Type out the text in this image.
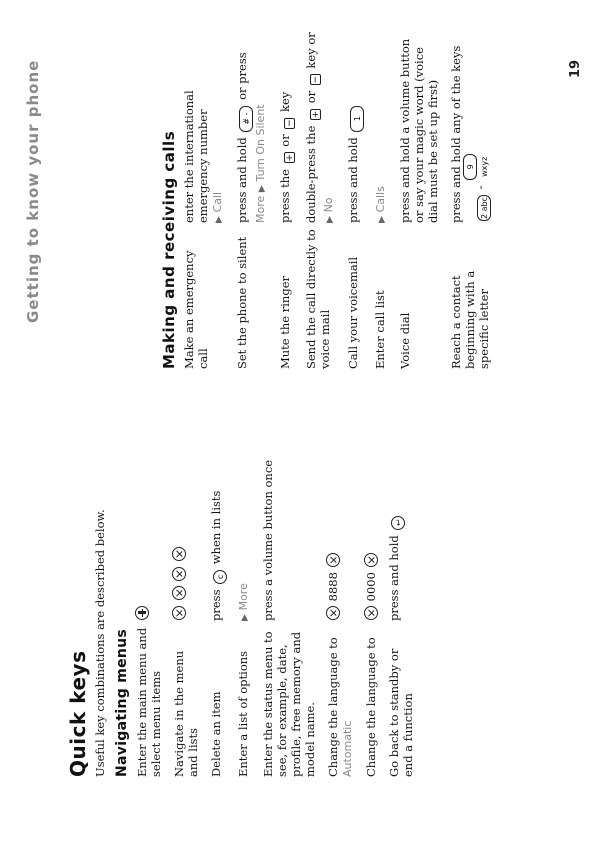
Getting to know your phone	19
Quick keys Useful key combinations are described below. Navigating menus Enter the main menu and select menu items Navigate in the menu and lists
Delete an item
press c when in lists
Enter a list of options
▶ More
Enter the status menu to see, for example, date, profile, free memory and model name.
press a volume button once
Change the language to Automatic
8888
Change the language to
0000
Go back to standby or end a function
press and hold ↩
Making and receiving calls Make an emergency call
enter the international emergency number ▶ Call
Set the phone to silent
press and hold # - or press More ▶ Turn On Silent
Mute the ringer
press the + or − key
Send the call directly to voice mail
double-press the + or − key or ▶ No
Call your voicemail
press and hold 1
Enter call list
▶ Calls
Voice dial
press and hold a volume button or say your magic word (voice dial must be set up first)
Reach a contact beginning with a specific letter
press and hold any of the keys 2 abc - 9 wxyz
